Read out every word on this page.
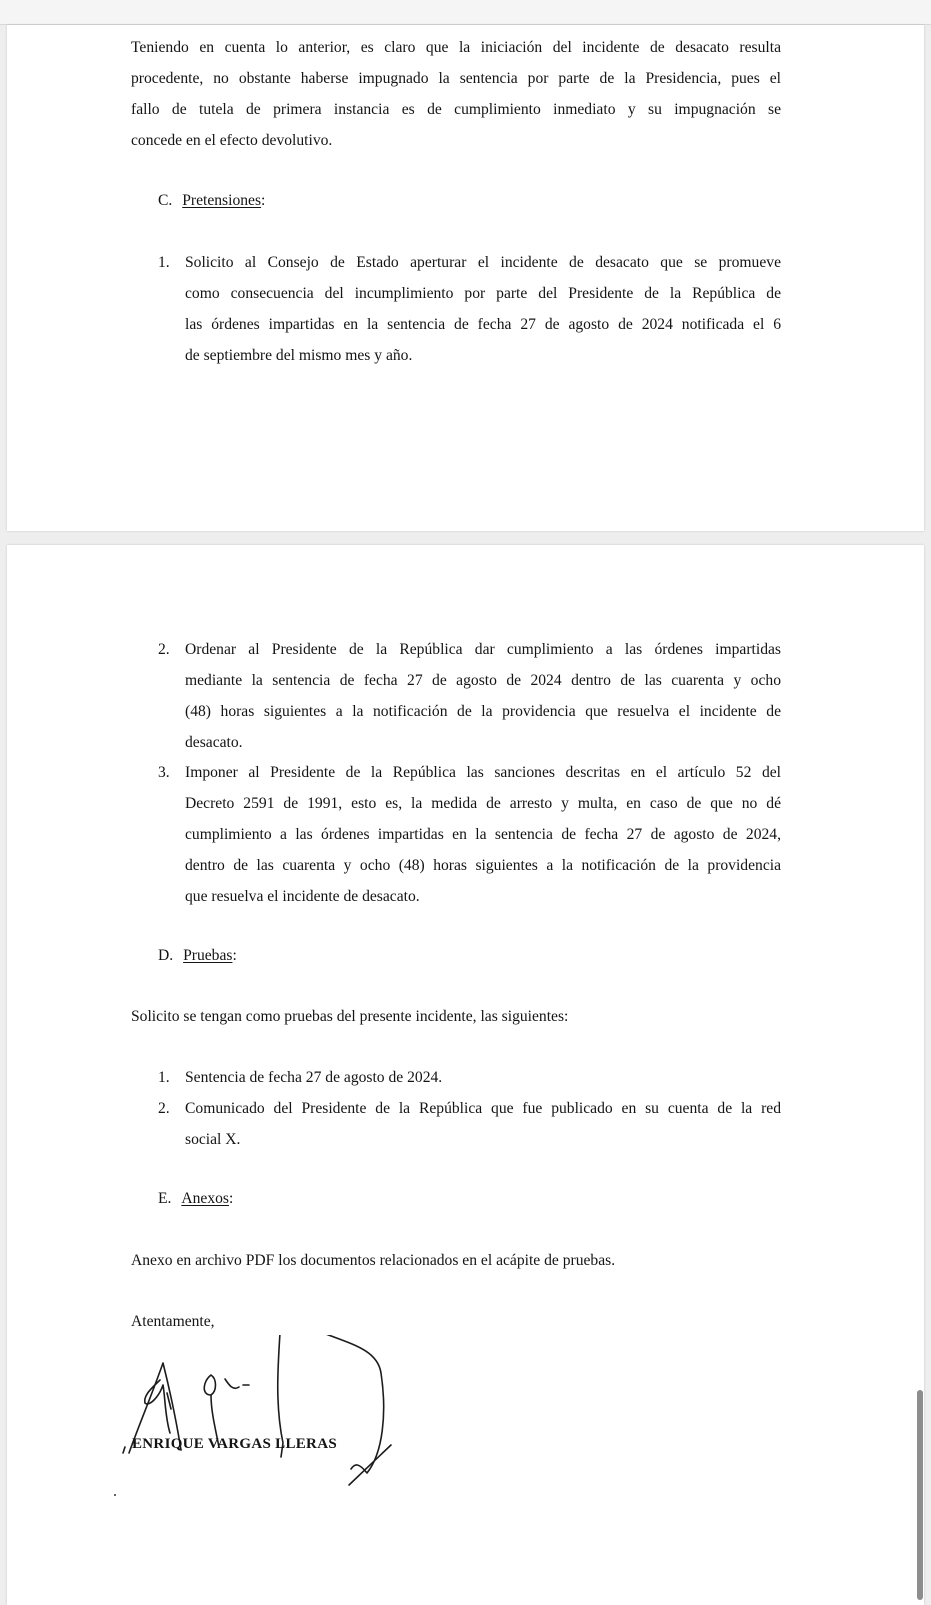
Teniendo en cuenta lo anterior, es claro que la iniciación del incidente de desacato resulta
procedente, no obstante haberse impugnado la sentencia por parte de la Presidencia, pues el
fallo de tutela de primera instancia es de cumplimiento inmediato y su impugnación se
concede en el efecto devolutivo.
C. Pretensiones:
1. Solicito al Consejo de Estado aperturar el incidente de desacato que se promueve
como consecuencia del incumplimiento por parte del Presidente de la República de
las órdenes impartidas en la sentencia de fecha 27 de agosto de 2024 notificada el 6
de septiembre del mismo mes y año.
2. Ordenar al Presidente de la República dar cumplimiento a las órdenes impartidas
mediante la sentencia de fecha 27 de agosto de 2024 dentro de las cuarenta y ocho
(48) horas siguientes a la notificación de la providencia que resuelva el incidente de
desacato.
3. Imponer al Presidente de la República las sanciones descritas en el artículo 52 del
Decreto 2591 de 1991, esto es, la medida de arresto y multa, en caso de que no dé
cumplimiento a las órdenes impartidas en la sentencia de fecha 27 de agosto de 2024,
dentro de las cuarenta y ocho (48) horas siguientes a la notificación de la providencia
que resuelva el incidente de desacato.
D. Pruebas:
Solicito se tengan como pruebas del presente incidente, las siguientes:
1. Sentencia de fecha 27 de agosto de 2024.
2. Comunicado del Presidente de la República que fue publicado en su cuenta de la red
social X.
E. Anexos:
Anexo en archivo PDF los documentos relacionados en el acápite de pruebas.
Atentamente,
ENRIQUE VARGAS LLERAS
